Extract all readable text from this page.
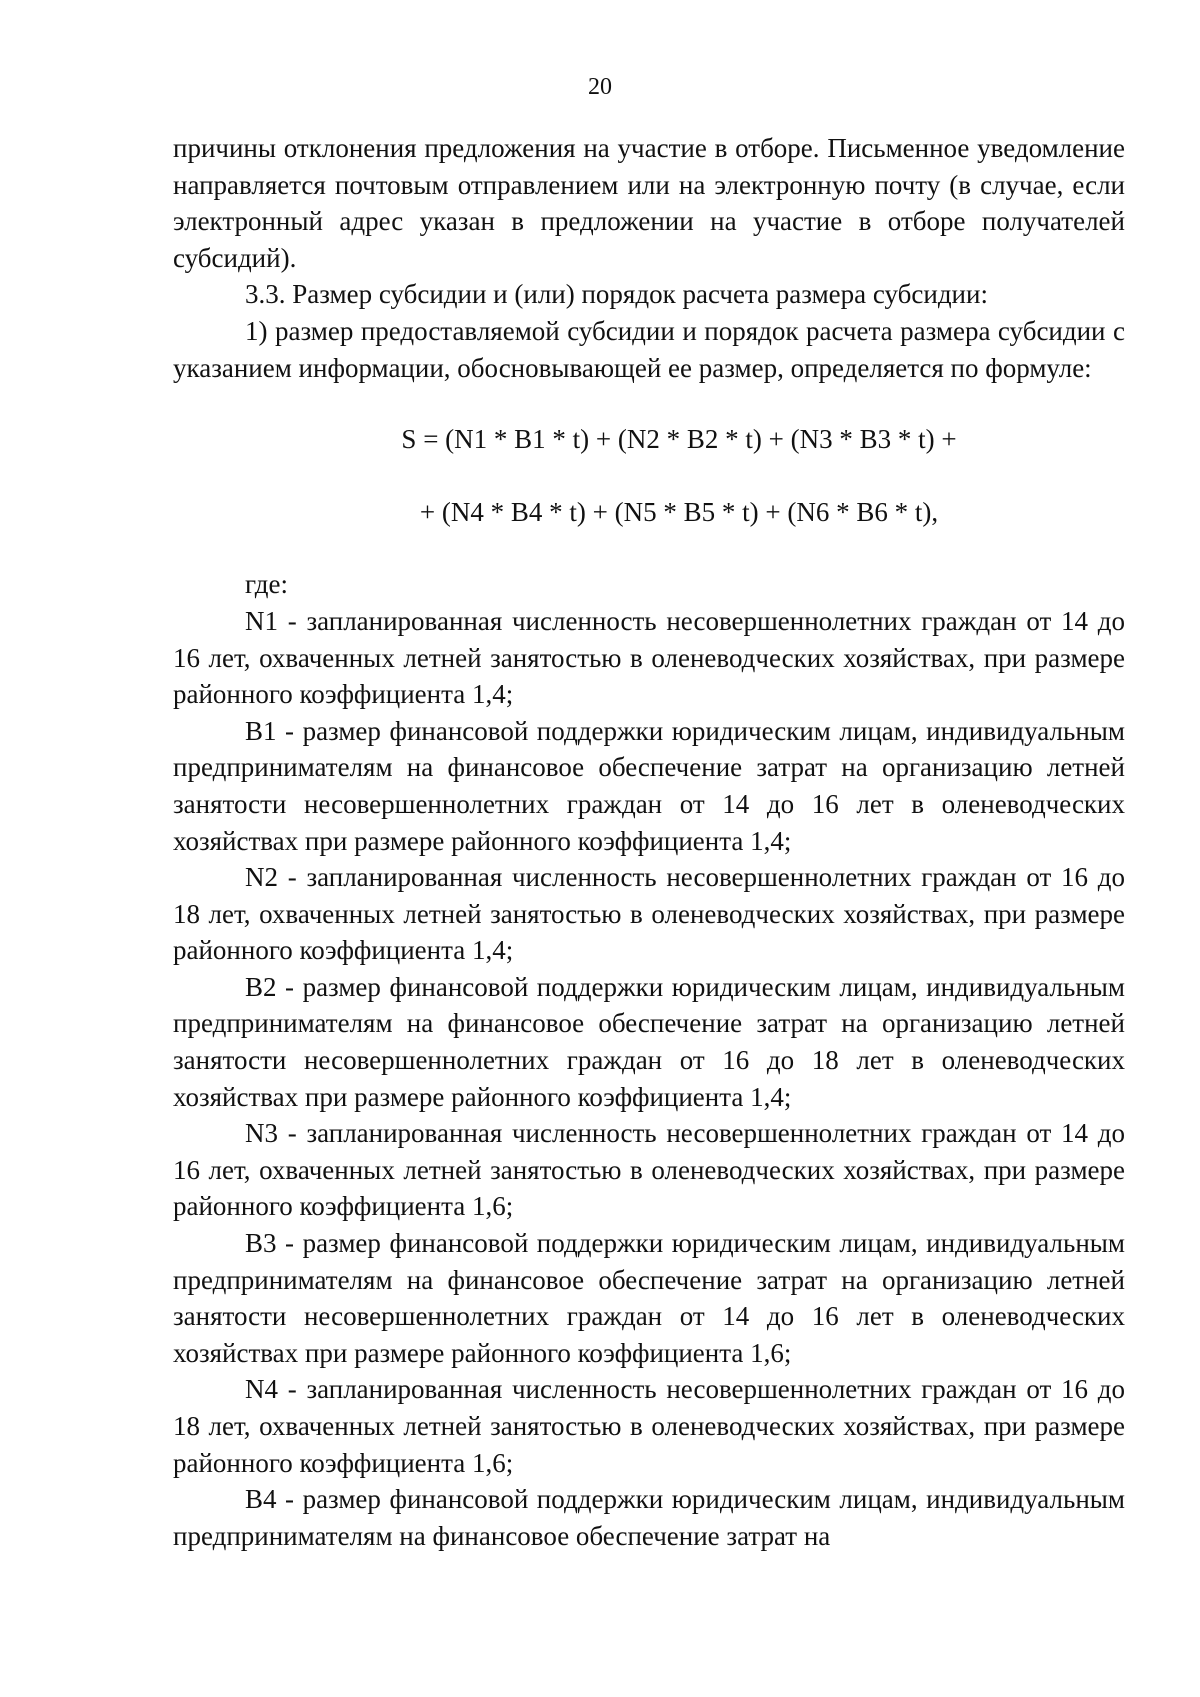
20

причины отклонения предложения на участие в отборе. Письменное уведомление направляется почтовым отправлением или на электронную почту (в случае, если электронный адрес указан в предложении на участие в отборе получателей субсидий).

3.3. Размер субсидии и (или) порядок расчета размера субсидии:

1) размер предоставляемой субсидии и порядок расчета размера субсидии с указанием информации, обосновывающей ее размер, определяется по формуле:

S = (N1 * B1 * t) + (N2 * B2 * t) + (N3 * B3 * t) +

+ (N4 * B4 * t) + (N5 * B5 * t) + (N6 * B6 * t),

где:

N1 - запланированная численность несовершеннолетних граждан от 14 до 16 лет, охваченных летней занятостью в оленеводческих хозяйствах, при размере районного коэффициента 1,4;

B1 - размер финансовой поддержки юридическим лицам, индивидуальным предпринимателям на финансовое обеспечение затрат на организацию летней занятости несовершеннолетних граждан от 14 до 16 лет в оленеводческих хозяйствах при размере районного коэффициента 1,4;

N2 - запланированная численность несовершеннолетних граждан от 16 до 18 лет, охваченных летней занятостью в оленеводческих хозяйствах, при размере районного коэффициента 1,4;

B2 - размер финансовой поддержки юридическим лицам, индивидуальным предпринимателям на финансовое обеспечение затрат на организацию летней занятости несовершеннолетних граждан от 16 до 18 лет в оленеводческих хозяйствах при размере районного коэффициента 1,4;

N3 - запланированная численность несовершеннолетних граждан от 14 до 16 лет, охваченных летней занятостью в оленеводческих хозяйствах, при размере районного коэффициента 1,6;

B3 - размер финансовой поддержки юридическим лицам, индивидуальным предпринимателям на финансовое обеспечение затрат на организацию летней занятости несовершеннолетних граждан от 14 до 16 лет в оленеводческих хозяйствах при размере районного коэффициента 1,6;

N4 - запланированная численность несовершеннолетних граждан от 16 до 18 лет, охваченных летней занятостью в оленеводческих хозяйствах, при размере районного коэффициента 1,6;

B4 - размер финансовой поддержки юридическим лицам, индивидуальным предпринимателям на финансовое обеспечение затрат на
